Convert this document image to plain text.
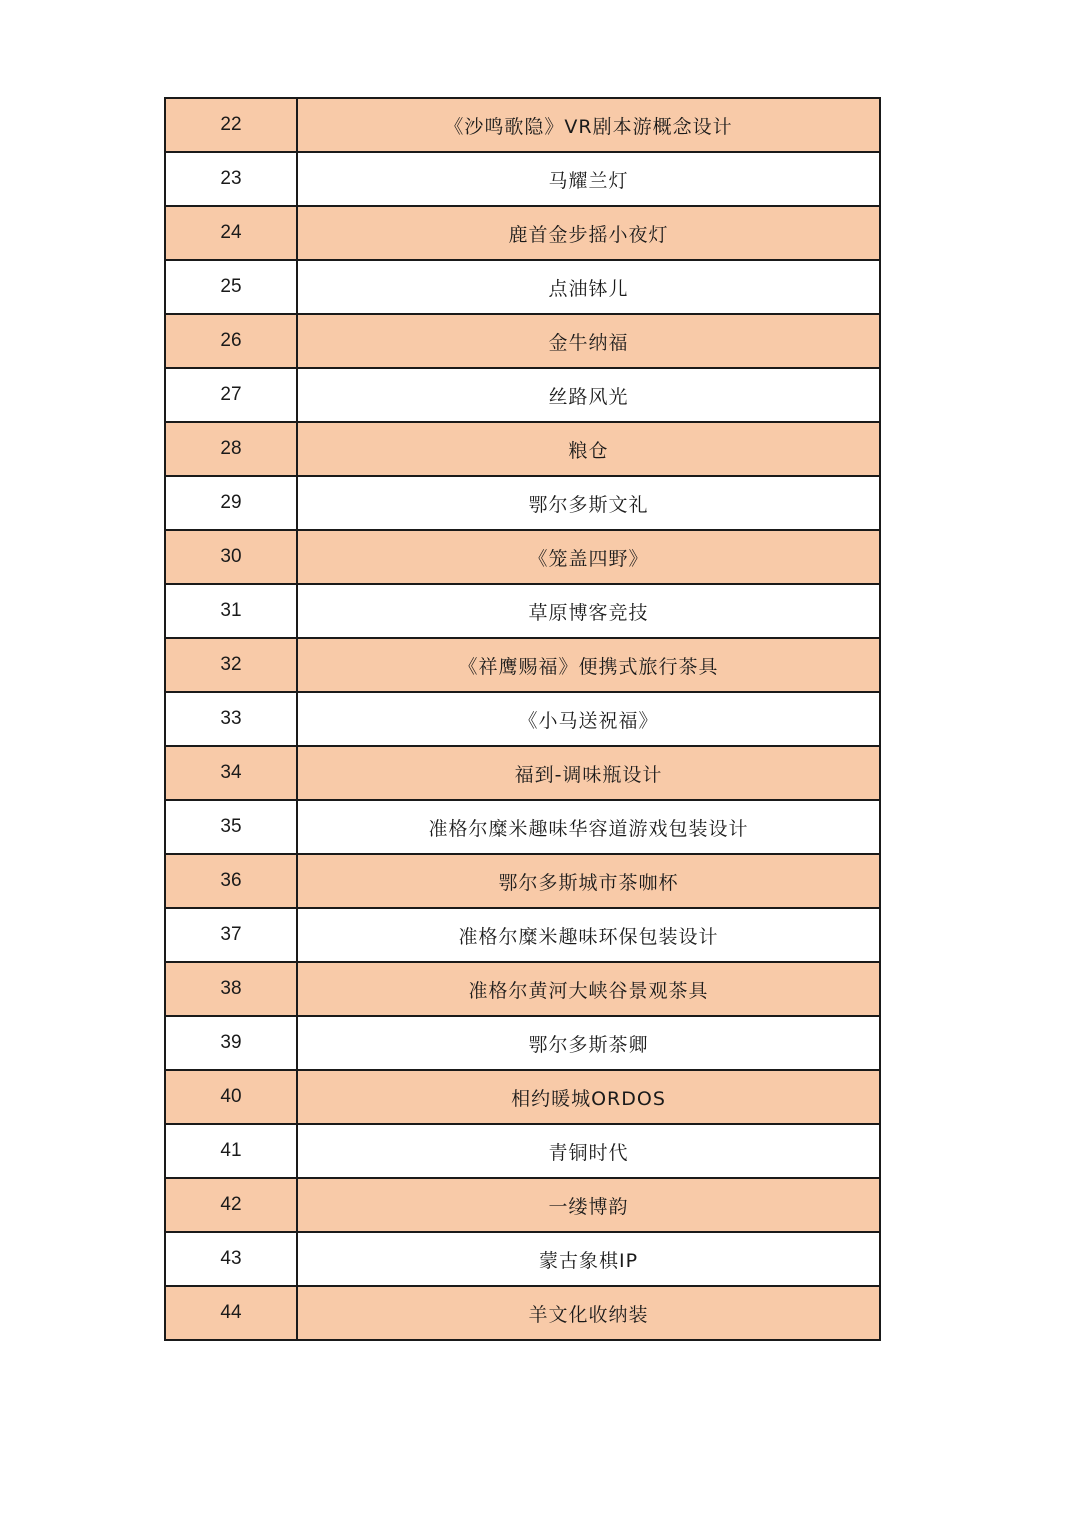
22	《沙鸣歌隐》VR剧本游概念设计
23	马耀兰灯
24	鹿首金步摇小夜灯
25	点油钵儿
26	金牛纳福
27	丝路风光
28	粮仓
29	鄂尔多斯文礼
30	《笼盖四野》
31	草原博客竞技
32	《祥鹰赐福》便携式旅行茶具
33	《小马送祝福》
34	福到-调味瓶设计
35	准格尔糜米趣味华容道游戏包装设计
36	鄂尔多斯城市茶咖杯
37	准格尔糜米趣味环保包装设计
38	准格尔黄河大峡谷景观茶具
39	鄂尔多斯茶卿
40	相约暖城ORDOS
41	青铜时代
42	一缕博韵
43	蒙古象棋IP
44	羊文化收纳装
